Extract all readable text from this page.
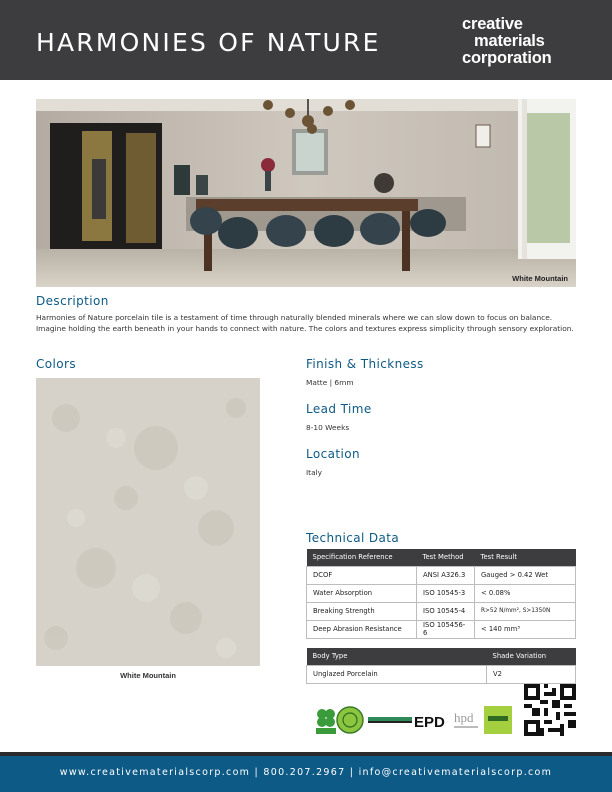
HARMONIES OF NATURE
creative
materials
corporation
White Mountain
Description
Harmonies of Nature porcelain tile is a testament of time through naturally blended minerals where we can slow down to focus on balance. Imagine holding the earth beneath in your hands to connect with nature. The colors and textures express simplicity through sensory exploration.
Colors
White Mountain
Finish & Thickness
Matte | 6mm
Lead Time
8-10 Weeks
Location
Italy
Technical Data
Specification Reference	Test Method	Test Result
DCOF	ANSI A326.3	Gauged > 0.42 Wet
Water Absorption	ISO 10545-3	< 0.08%
Breaking Strength	ISO 10545-4	R>52 N/mm², S>1350N
Deep Abrasion Resistance	ISO 105456-6	< 140 mm³
Body Type	Shade Variation
Unglazed Porcelain	V2
EPD hpd
www.creativematerialscorp.com | 800.207.2967 | info@creativematerialscorp.com
